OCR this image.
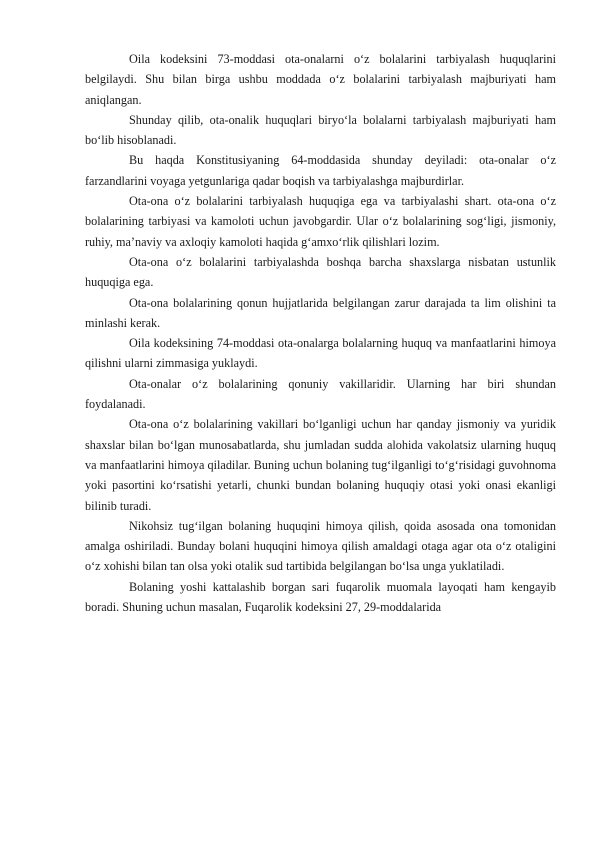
Oila kodeksini 73-moddasi ota-onalarni o‘z bolalarini tarbiyalash huquqlarini belgilaydi. Shu bilan birga ushbu moddada o‘z bolalarini tarbiyalash majburiyati ham aniqlangan.

Shunday qilib, ota-onalik huquqlari biryo‘la bolalarni tarbiyalash majburiyati ham bo‘lib hisoblanadi.

Bu haqda Konstitusiyaning 64-moddasida shunday deyiladi: ota-onalar o‘z farzandlarini voyaga yetgunlariga qadar boqish va tarbiyalashga majburdirlar.

Ota-ona o‘z bolalarini tarbiyalash huquqiga ega va tarbiyalashi shart. ota-ona o‘z bolalarining tarbiyasi va kamoloti uchun javobgardir. Ular o‘z bolalarining sog‘ligi, jismoniy, ruhiy, ma’naviy va axloqiy kamoloti haqida g‘amxo‘rlik qilishlari lozim.

Ota-ona o‘z bolalarini tarbiyalashda boshqa barcha shaxslarga nisbatan ustunlik huquqiga ega.

Ota-ona bolalarining qonun hujjatlarida belgilangan zarur darajada ta lim olishini ta minlashi kerak.

Oila kodeksining 74-moddasi ota-onalarga bolalarning huquq va manfaatlarini himoya qilishni ularni zimmasiga yuklaydi.

Ota-onalar o‘z bolalarining qonuniy vakillaridir. Ularning har biri shundan foydalanadi.

Ota-ona o‘z bolalarining vakillari bo‘lganligi uchun har qanday jismoniy va yuridik shaxslar bilan bo‘lgan munosabatlarda, shu jumladan sudda alohida vakolatsiz ularning huquq va manfaatlarini himoya qiladilar. Buning uchun bolaning tug‘ilganligi to‘g‘risidagi guvohnoma yoki pasortini ko‘rsatishi yetarli, chunki bundan bolaning huquqiy otasi yoki onasi ekanligi bilinib turadi.

Nikohsiz tug‘ilgan bolaning huquqini himoya qilish, qoida asosada ona tomonidan amalga oshiriladi. Bunday bolani huquqini himoya qilish amaldagi otaga agar ota o‘z otaligini o‘z xohishi bilan tan olsa yoki otalik sud tartibida belgilangan bo‘lsa unga yuklatiladi.

Bolaning yoshi kattalashib borgan sari fuqarolik muomala layoqati ham kengayib boradi. Shuning uchun masalan, Fuqarolik kodeksini 27, 29-moddalarida
